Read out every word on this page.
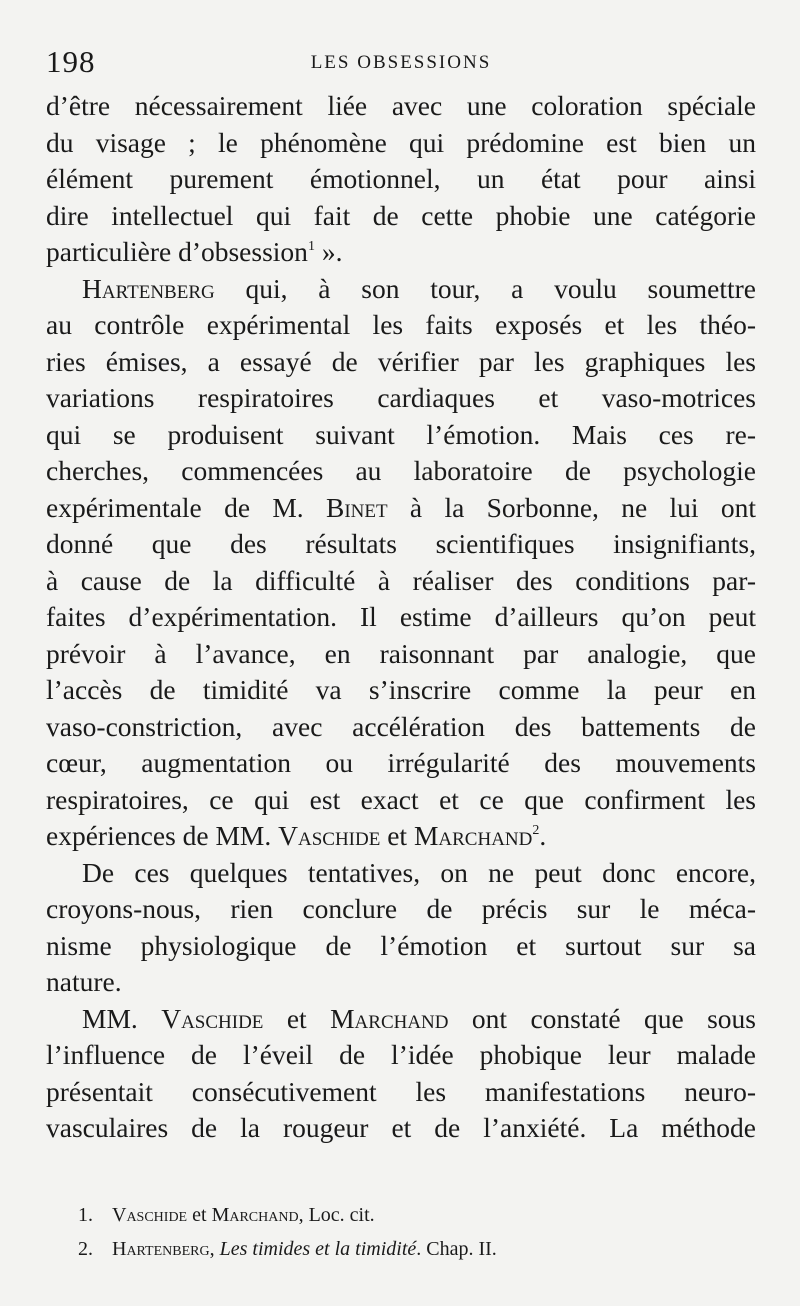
198	LES OBSESSIONS
d’être nécessairement liée avec une coloration spéciale
du visage ; le phénomène qui prédomine est bien un
élément purement émotionnel, un état pour ainsi
dire intellectuel qui fait de cette phobie une catégorie
particulière d’obsession$^1$ ».
Hartenberg qui, à son tour, a voulu soumettre
au contrôle expérimental les faits exposés et les théo-
ries émises, a essayé de vérifier par les graphiques les
variations respiratoires cardiaques et vaso-motrices
qui se produisent suivant l’émotion. Mais ces re-
cherches, commencées au laboratoire de psychologie
expérimentale de M. Binet à la Sorbonne, ne lui ont
donné que des résultats scientifiques insignifiants,
à cause de la difficulté à réaliser des conditions par-
faites d’expérimentation. Il estime d’ailleurs qu’on peut
prévoir à l’avance, en raisonnant par analogie, que
l’accès de timidité va s’inscrire comme la peur en
vaso-constriction, avec accélération des battements de
cœur, augmentation ou irrégularité des mouvements
respiratoires, ce qui est exact et ce que confirment les
expériences de MM. Vaschide et Marchand$^2$.
De ces quelques tentatives, on ne peut donc encore,
croyons-nous, rien conclure de précis sur le méca-
nisme physiologique de l’émotion et surtout sur sa
nature.
MM. Vaschide et Marchand ont constaté que sous
l’influence de l’éveil de l’idée phobique leur malade
présentait consécutivement les manifestations neuro-
vasculaires de la rougeur et de l’anxiété. La méthode
1. Vaschide et Marchand, Loc. cit.
2. Hartenberg, Les timides et la timidité. Chap. II.
